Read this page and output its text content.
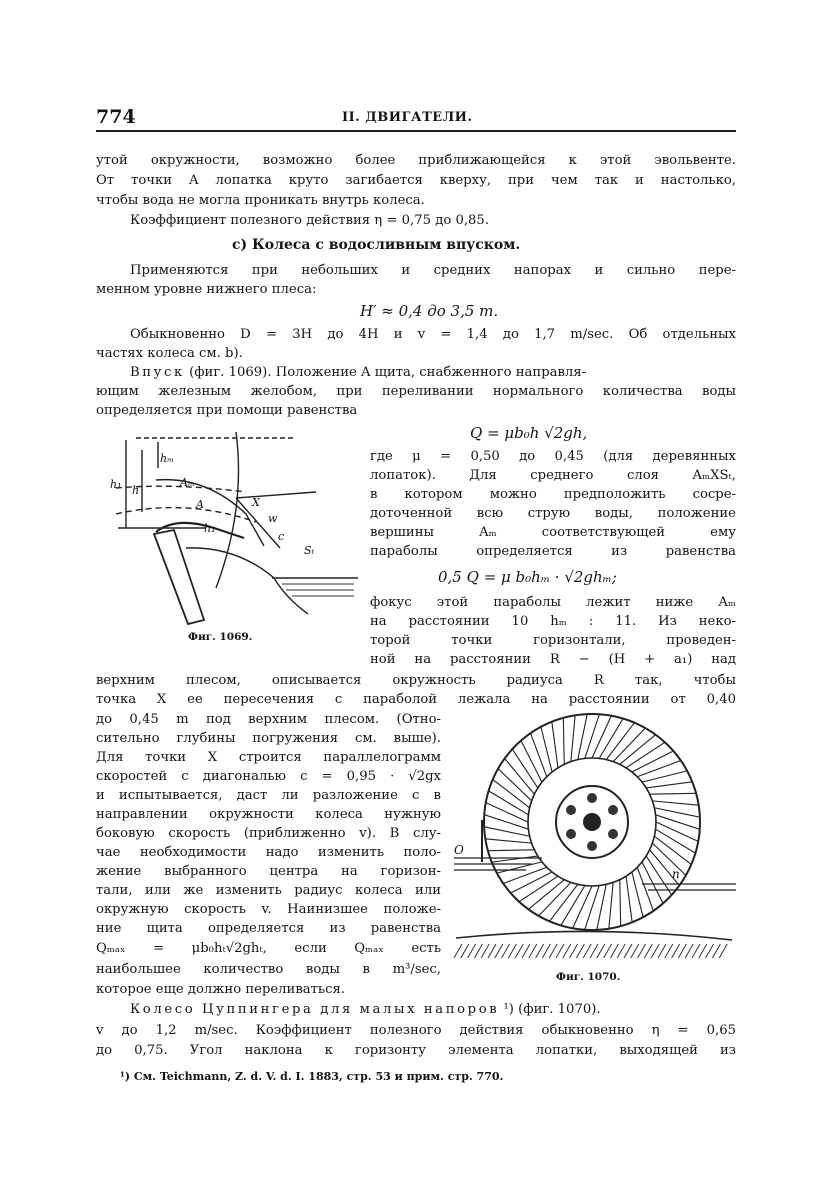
774	II. ДВИГАТЕЛИ.
утой окружности, возможно более приближающейся к этой эвольвенте.
От точки A лопатка круто загибается кверху, при чем так и настолько,
чтобы вода не могла проникать внутрь колеса.
Коэффициент полезного действия η = 0,75 до 0,85.
c) Колеса с водосливным впуском.
Применяются при небольших и средних напорах и сильно пере-
менном уровне нижнего плеса:
H′ ≈ 0,4 до 3,5 m.
Обыкновенно D = 3H до 4H и v = 1,4 до 1,7 m/sec. Об отдельных
частях колеса см. b).
Впуск (фиг. 1069). Положение A щита, снабженного направля-
ющим железным желобом, при переливании нормального количества воды
определяется при помощи равенства
Q = μb₀h √2gh,
где μ = 0,50 до 0,45 (для деревянных
лопаток). Для среднего слоя AₘXSₜ,
в котором можно предположить сосре-
доточенной всю струю воды, положение
вершины Aₘ соответствующей ему
параболы определяется из равенства
0,5 Q = μ b₀hₘ · √2ghₘ;
фокус этой параболы лежит ниже Aₘ
на расстоянии 10 hₘ : 11. Из неко-
торой точки горизонтали, проведен-
ной на расстоянии R − (H + a₁) над
h₁ h
hₘ
Aₘ
A	X
w
c
Sₜ
h₁
Фиг. 1069.
верхним плесом, описывается окружность радиуса R так, чтобы
точка X ее пересечения с параболой лежала на расстоянии от 0,40
до 0,45 m под верхним плесом. (Отно-
сительно глубины погружения см. выше).
Для точки X строится параллелограмм
скоростей с диагональю c = 0,95 · √2gx
и испытывается, даст ли разложение c в
направлении окружности колеса нужную
боковую скорость (приближенно v). В слу-
чае необходимости надо изменить поло-
жение выбранного центра на горизон-
тали, или же изменить радиус колеса или
окружную скорость v. Наинизшее положе-
ние щита определяется из равенства
Qₘₐₓ = μb₀hₜ√2ghₜ, если Qₘₐₓ есть
наибольшее количество воды в m³/sec,
которое еще должно переливаться.
O
n
Фиг. 1070.
Колесо Цуппингера для малых напоров ¹) (фиг. 1070).
v до 1,2 m/sec. Коэффициент полезного действия обыкновенно η = 0,65
до 0,75. Угол наклона к горизонту элемента лопатки, выходящей из
¹) См. Teichmann, Z. d. V. d. I. 1883, стр. 53 и прим. стр. 770.
